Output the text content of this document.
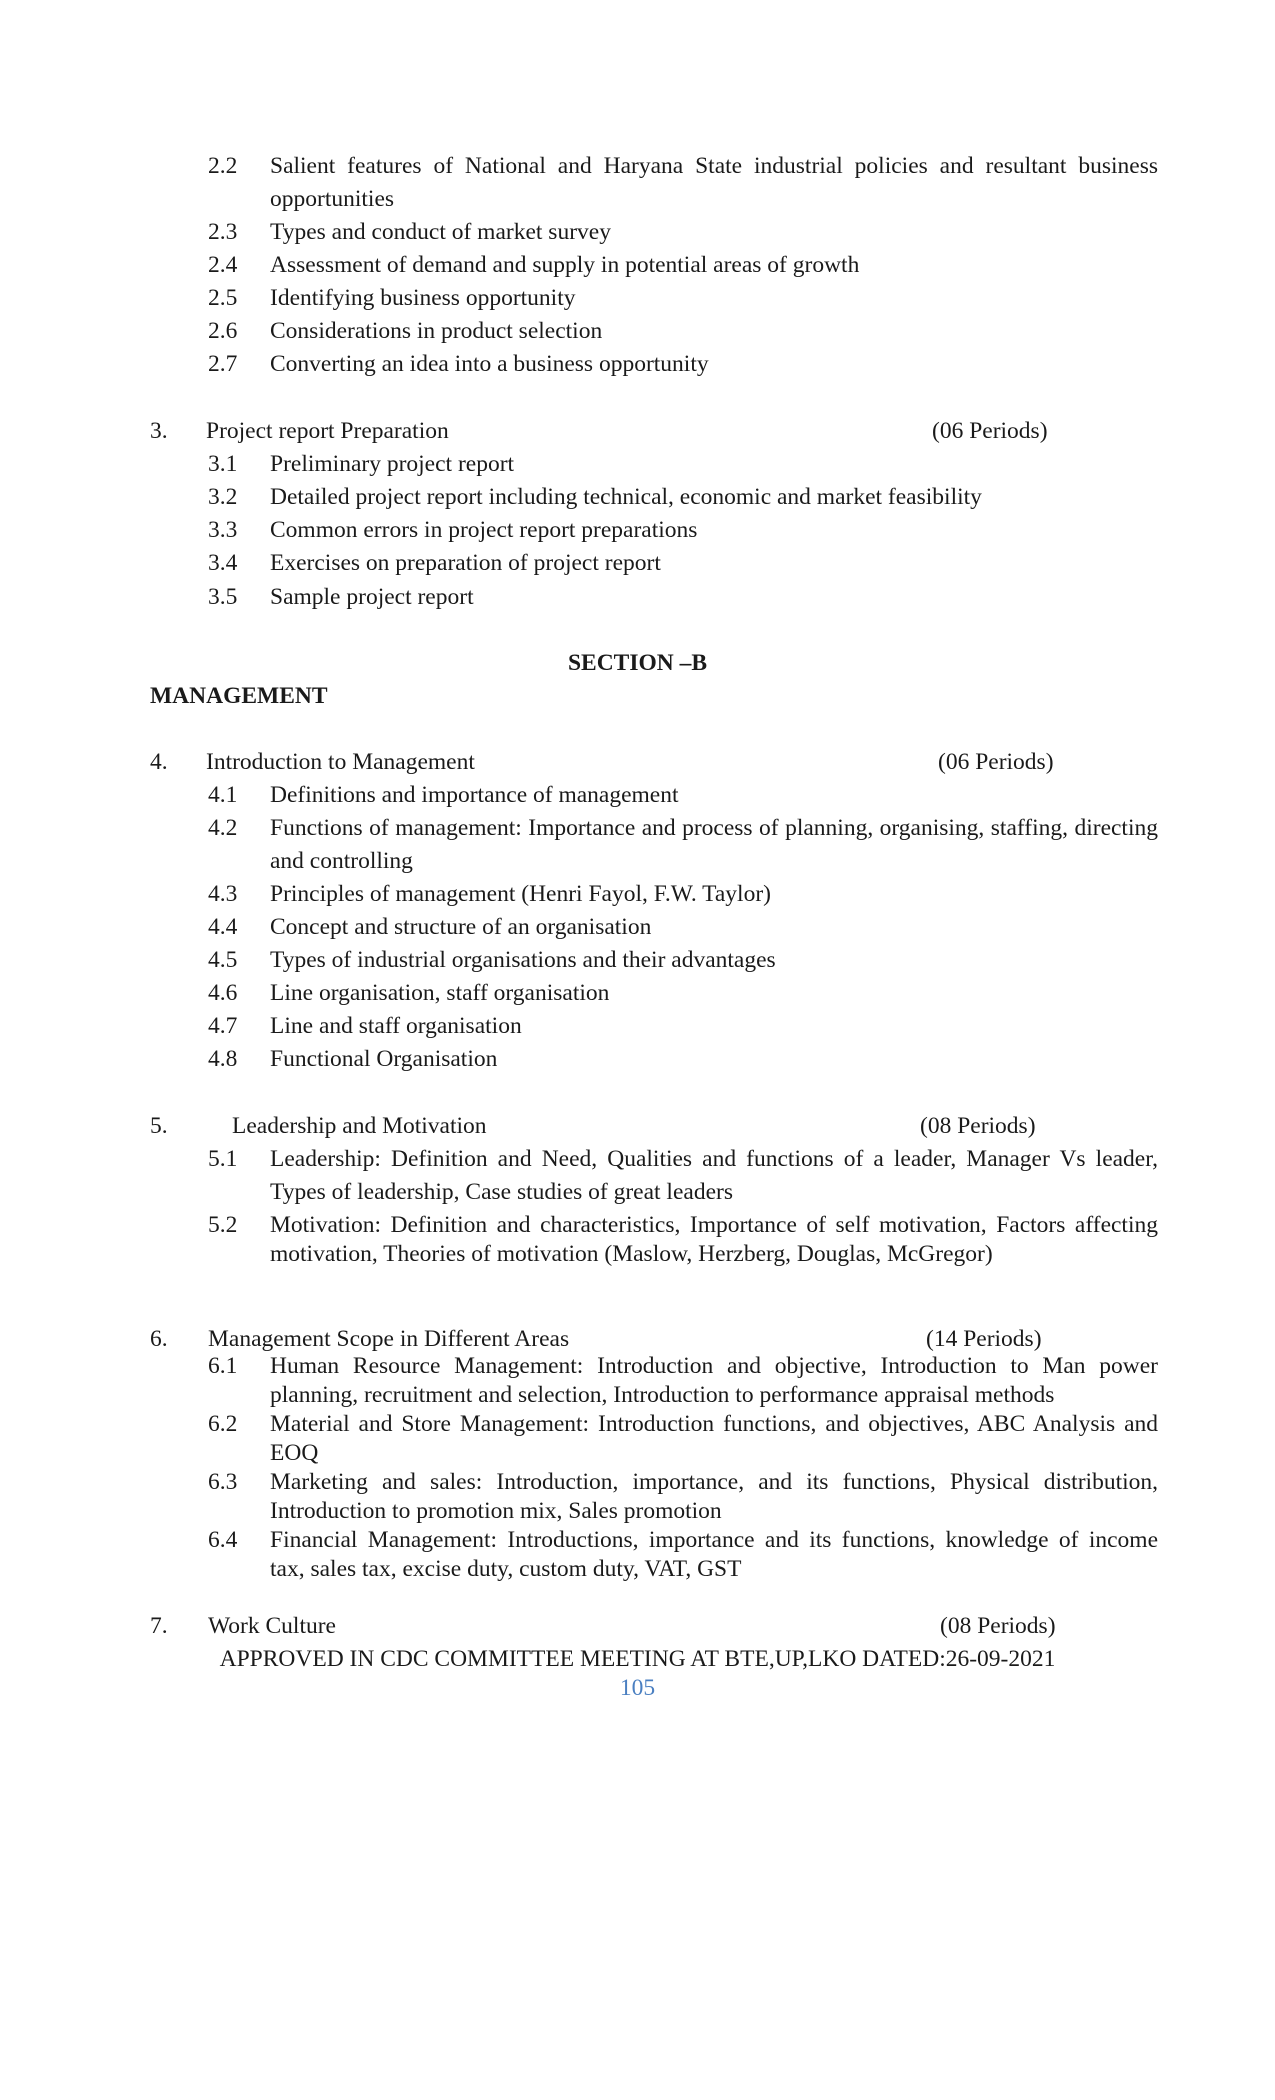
2.2	Salient features of National and Haryana State industrial policies and resultant business opportunities
2.3	Types and conduct of market survey
2.4	Assessment of demand and supply in potential areas of growth
2.5	Identifying business opportunity
2.6	Considerations in product selection
2.7	Converting an idea into a business opportunity
3. Project report Preparation	(06 Periods)
3.1	Preliminary project report
3.2	Detailed project report including technical, economic and market feasibility
3.3	Common errors in project report preparations
3.4	Exercises on preparation of project report
3.5	Sample project report
SECTION –B
MANAGEMENT
4. Introduction to Management	(06 Periods)
4.1	Definitions and importance of management
4.2	Functions of management: Importance and process of planning, organising, staffing, directing and controlling
4.3	Principles of management (Henri Fayol, F.W. Taylor)
4.4	Concept and structure of an organisation
4.5	Types of industrial organisations and their advantages
4.6	Line organisation, staff organisation
4.7	Line and staff organisation
4.8	Functional Organisation
5.	Leadership and Motivation	(08 Periods)
5.1	Leadership: Definition and Need, Qualities and functions of a leader, Manager Vs leader, Types of leadership, Case studies of great leaders
5.2	Motivation: Definition and characteristics, Importance of self motivation, Factors affecting motivation, Theories of motivation (Maslow, Herzberg, Douglas, McGregor)
6. Management Scope in Different Areas	(14 Periods)
6.1	Human Resource Management: Introduction and objective, Introduction to Man power planning, recruitment and selection, Introduction to performance appraisal methods
6.2	Material and Store Management: Introduction functions, and objectives, ABC Analysis and EOQ
6.3	Marketing and sales: Introduction, importance, and its functions, Physical distribution, Introduction to promotion mix, Sales promotion
6.4	Financial Management: Introductions, importance and its functions, knowledge of income tax, sales tax, excise duty, custom duty, VAT, GST
7. Work Culture	(08 Periods)
APPROVED IN CDC COMMITTEE MEETING AT BTE,UP,LKO DATED:26-09-2021
105
